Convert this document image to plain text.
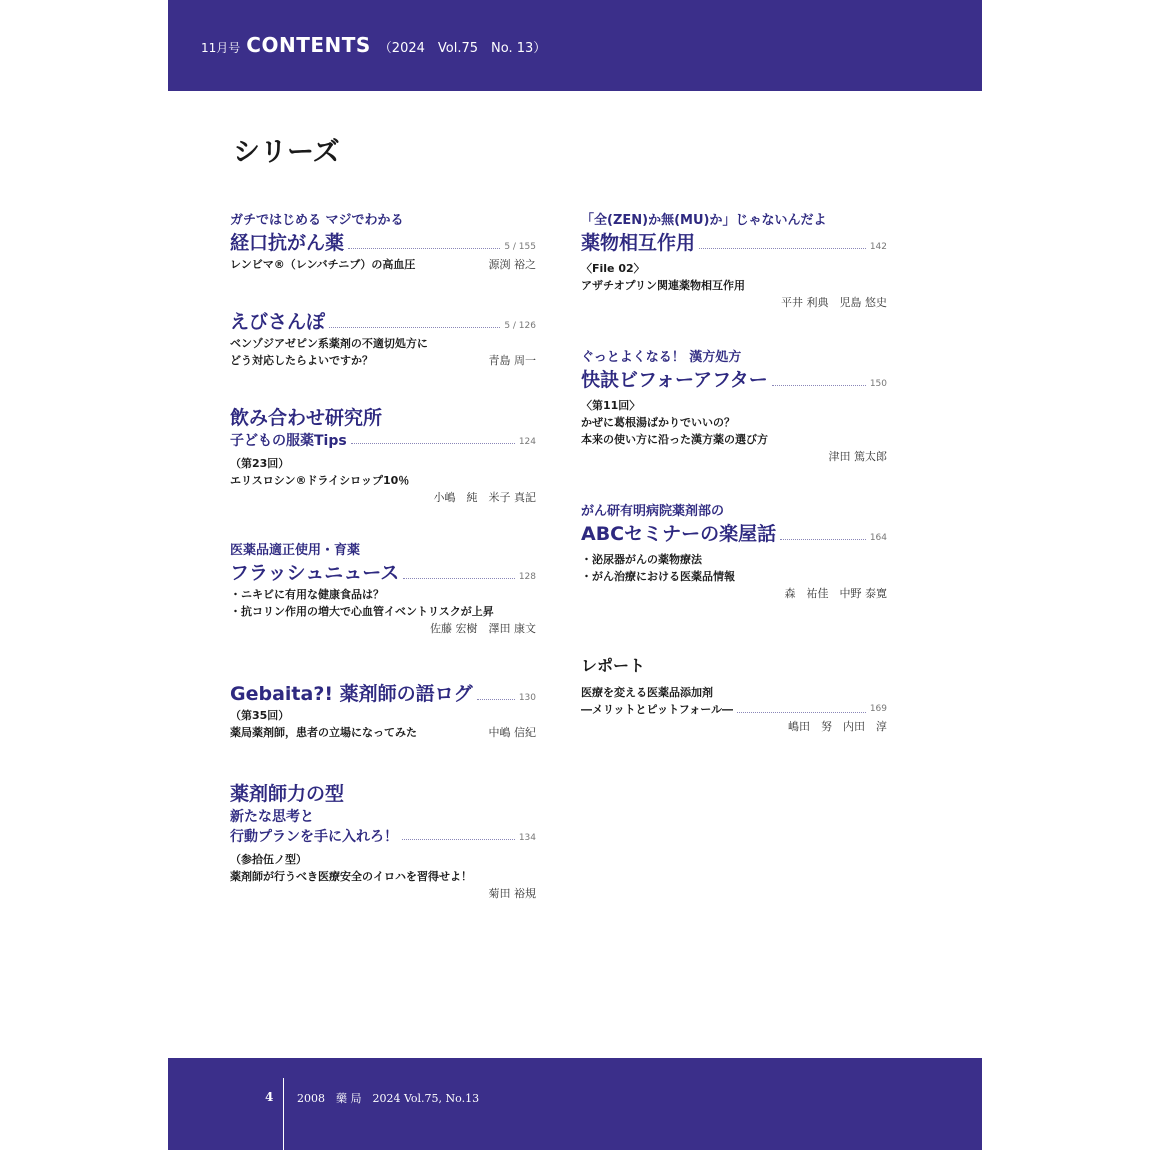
11月号 CONTENTS （2024　Vol.75　No. 13）
シリーズ
ガチではじめる マジでわかる
経口抗がん薬	5 / 155
レンビマ®（レンバチニブ）の高血圧	源渕 裕之
えびさんぽ	5 / 126
ベンゾジアゼピン系薬剤の不適切処方に
どう対応したらよいですか？	青島 周一
飲み合わせ研究所
子どもの服薬Tips	124
（第23回）
エリスロシン®ドライシロップ10％
小嶋　純　米子 真記
医薬品適正使用・育薬
フラッシュニュース	128
・ニキビに有用な健康食品は？
・抗コリン作用の増大で心血管イベントリスクが上昇
佐藤 宏樹　澤田 康文
Gebaita?! 薬剤師の語ログ	130
（第35回）
薬局薬剤師，患者の立場になってみた	中嶋 信紀
薬剤師力の型
新たな思考と
行動プランを手に入れろ！	134
（参拾伍ノ型）
薬剤師が行うべき医療安全のイロハを習得せよ！
菊田 裕規
「全(ZEN)か無(MU)か」じゃないんだよ
薬物相互作用	142
〈File 02〉
アザチオプリン関連薬物相互作用
平井 利典　児島 悠史
ぐっとよくなる！ 漢方処方
快訣ビフォーアフター	150
〈第11回〉
かぜに葛根湯ばかりでいいの？
本来の使い方に沿った漢方薬の選び方
津田 篤太郎
がん研有明病院薬剤部の
ABCセミナーの楽屋話	164
・泌尿器がんの薬物療法
・がん治療における医薬品情報
森　祐佳　中野 泰寛
レポート
医療を変える医薬品添加剤
―メリットとピットフォール―	169
嶋田　努　内田　淳
4 2008　藥 局　2024 Vol.75, No.13
